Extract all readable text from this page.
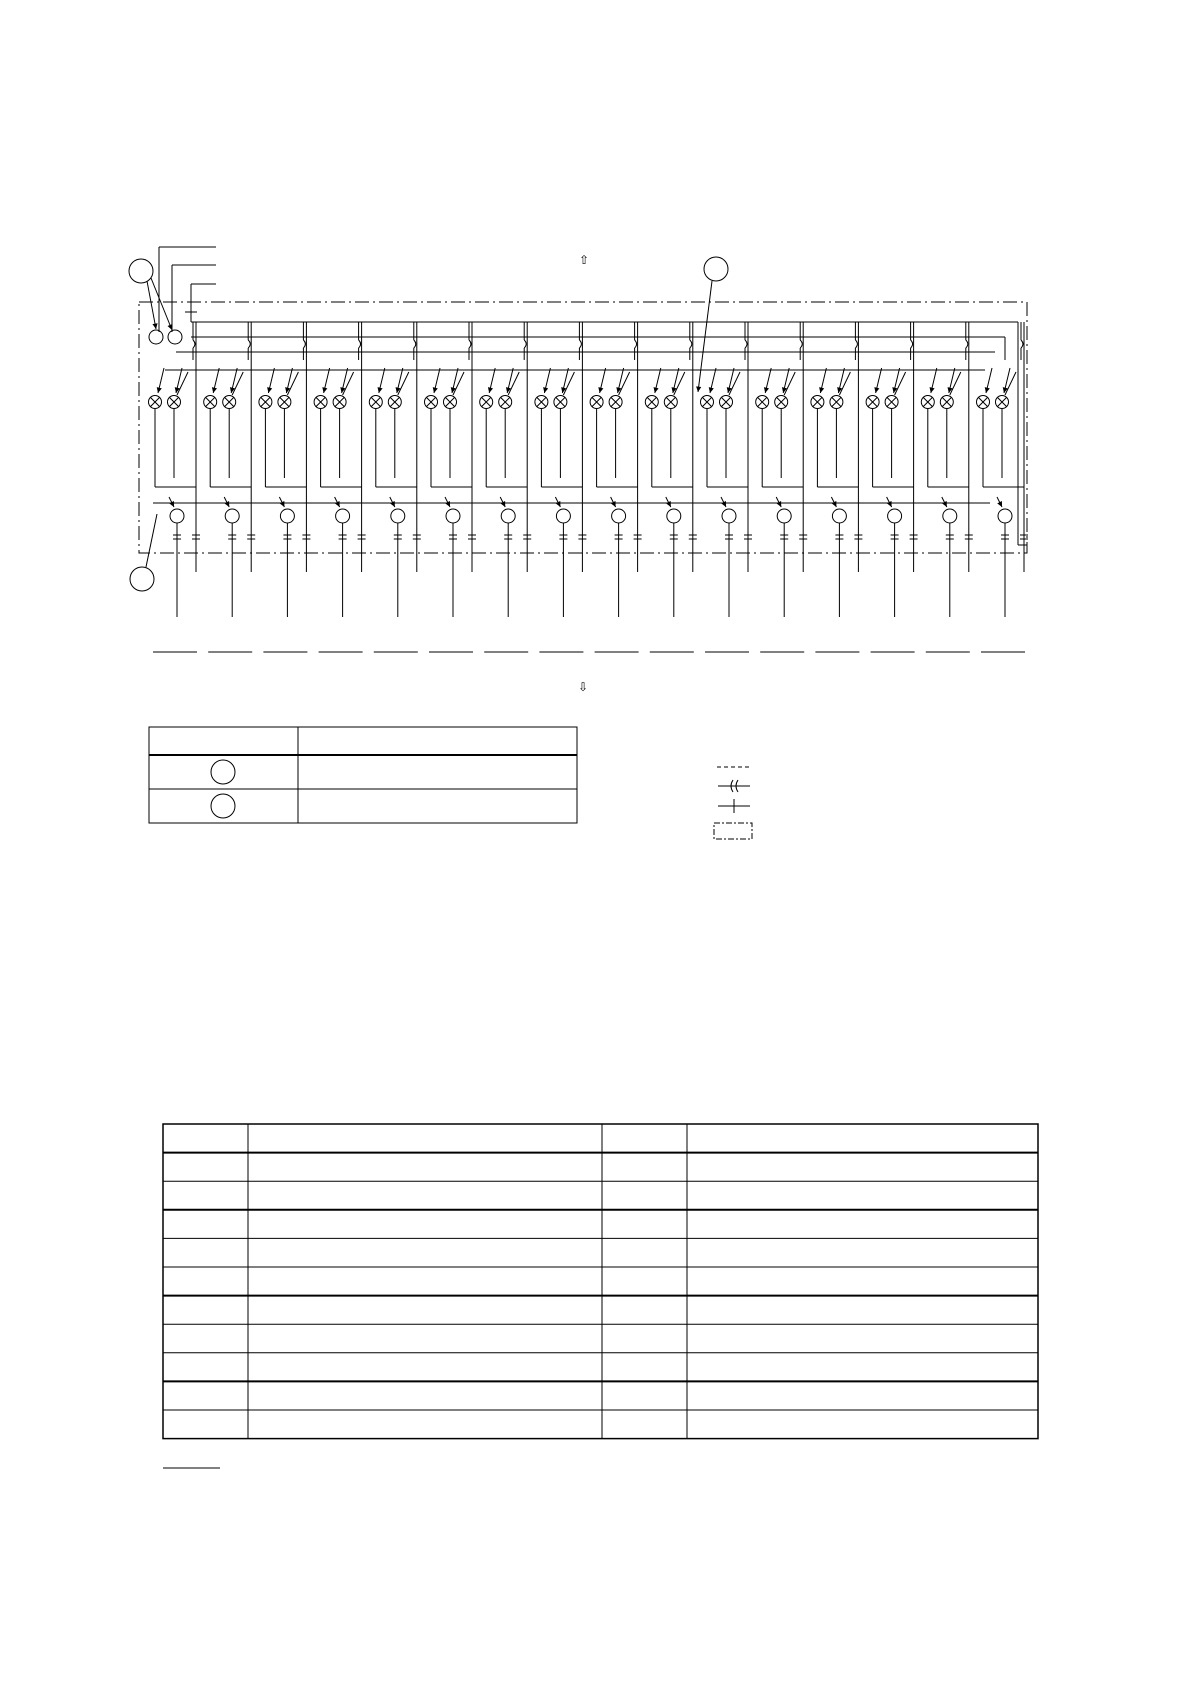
⇧
⇩
